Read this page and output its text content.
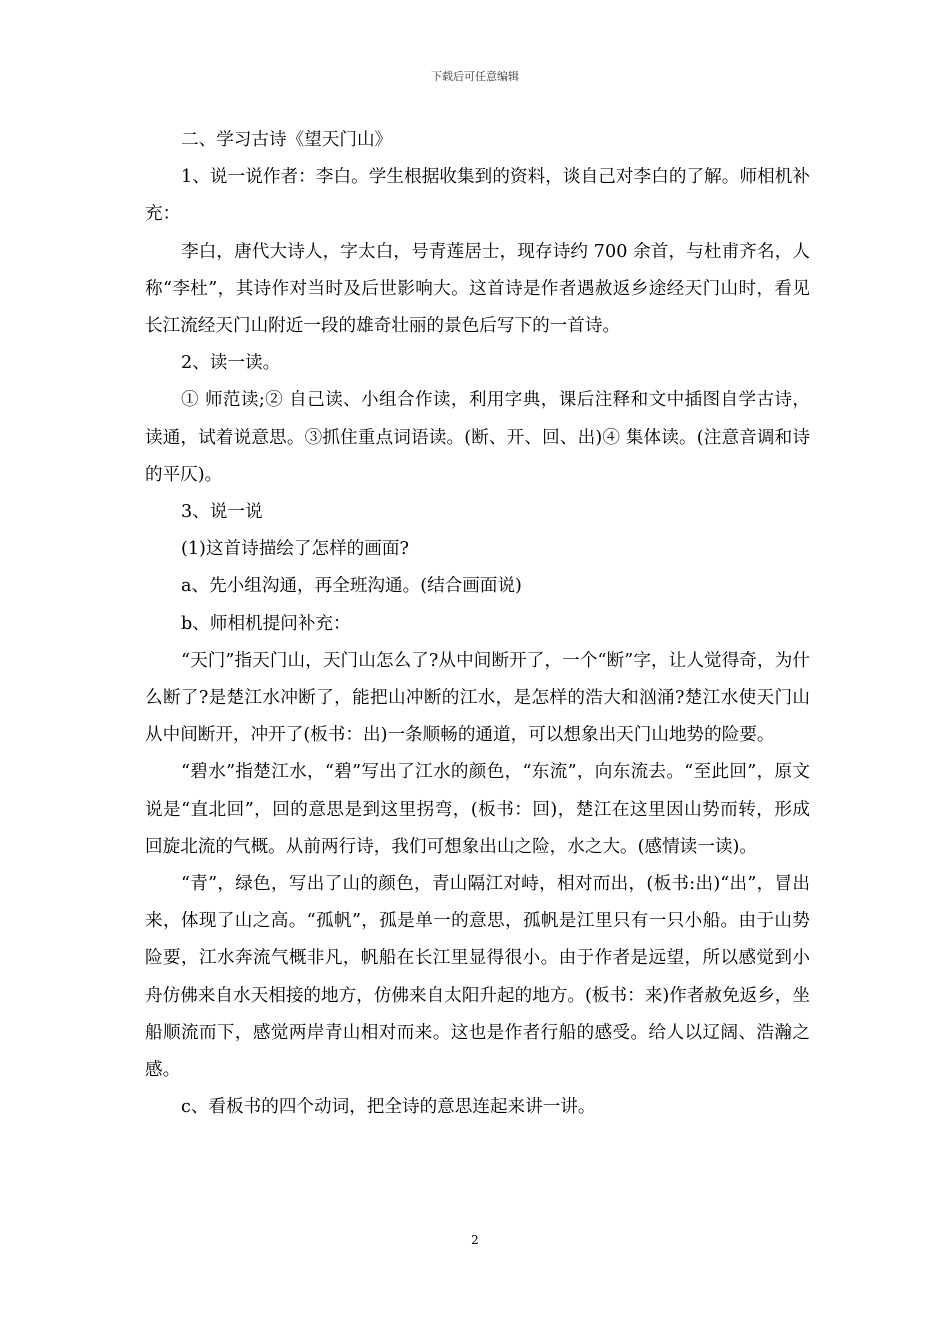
下载后可任意编辑

二、学习古诗《望天门山》

1、说一说作者：李白。学生根据收集到的资料，谈自己对李白的了解。师相机补充：

李白，唐代大诗人，字太白，号青莲居士，现存诗约 700 余首，与杜甫齐名，人称“李杜”，其诗作对当时及后世影响大。这首诗是作者遇赦返乡途经天门山时，看见长江流经天门山附近一段的雄奇壮丽的景色后写下的一首诗。

2、读一读。

① 师范读;② 自己读、小组合作读，利用字典，课后注释和文中插图自学古诗，读通，试着说意思。③抓住重点词语读。(断、开、回、出)④ 集体读。(注意音调和诗的平仄)。

3、说一说

(1)这首诗描绘了怎样的画面?

a、先小组沟通，再全班沟通。(结合画面说)

b、师相机提问补充：

“天门”指天门山，天门山怎么了?从中间断开了，一个“断”字，让人觉得奇，为什么断了?是楚江水冲断了，能把山冲断的江水，是怎样的浩大和汹涌?楚江水使天门山从中间断开，冲开了(板书：出)一条顺畅的通道，可以想象出天门山地势的险要。

“碧水”指楚江水，“碧”写出了江水的颜色，“东流”，向东流去。“至此回”，原文说是“直北回”，回的意思是到这里拐弯，(板书：回)，楚江在这里因山势而转，形成回旋北流的气概。从前两行诗，我们可想象出山之险，水之大。(感情读一读)。

“青”，绿色，写出了山的颜色，青山隔江对峙，相对而出，(板书:出)“出”，冒出来，体现了山之高。“孤帆”，孤是单一的意思，孤帆是江里只有一只小船。由于山势险要，江水奔流气概非凡，帆船在长江里显得很小。由于作者是远望，所以感觉到小舟仿佛来自水天相接的地方，仿佛来自太阳升起的地方。(板书：来)作者赦免返乡，坐船顺流而下，感觉两岸青山相对而来。这也是作者行船的感受。给人以辽阔、浩瀚之感。

c、看板书的四个动词，把全诗的意思连起来讲一讲。

2
